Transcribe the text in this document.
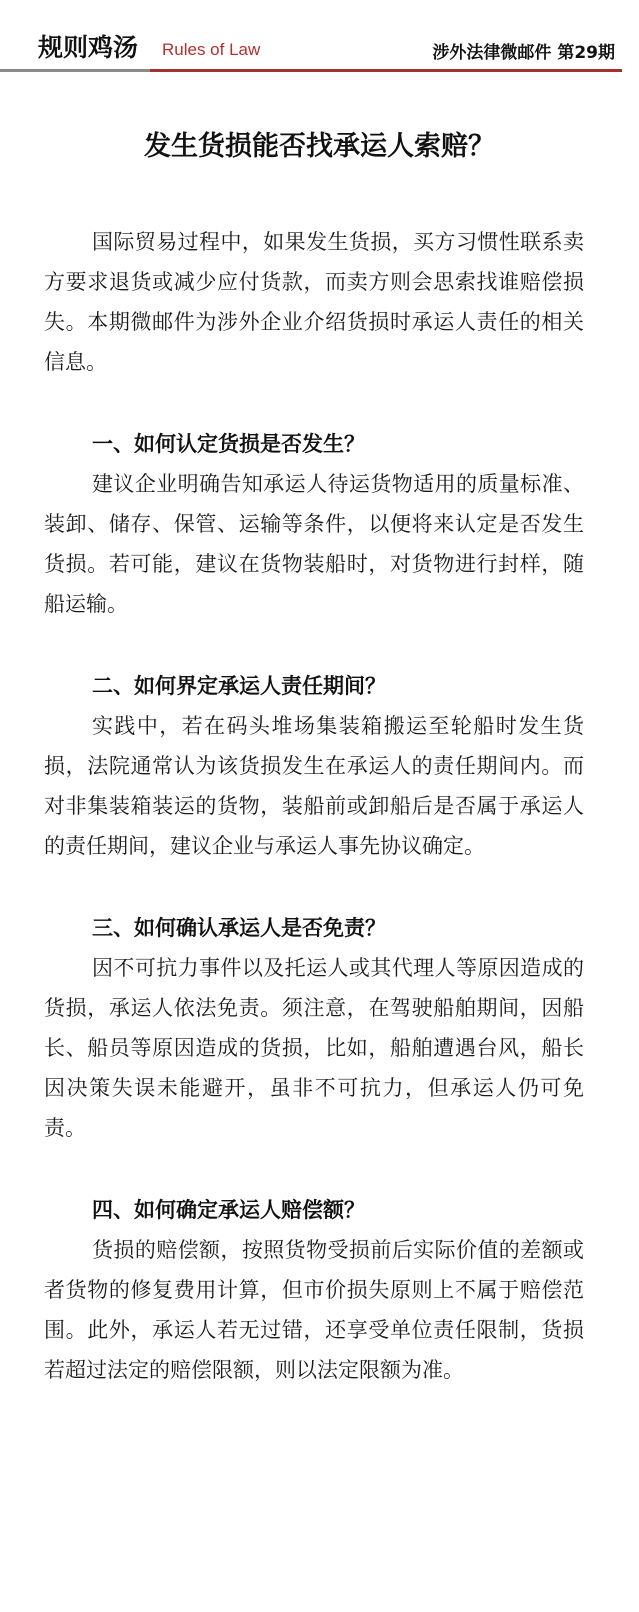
规则鸡汤 Rules of Law	涉外法律微邮件 第29期
发生货损能否找承运人索赔？

国际贸易过程中，如果发生货损，买方习惯性联系卖方要求退货或减少应付货款，而卖方则会思索找谁赔偿损失。本期微邮件为涉外企业介绍货损时承运人责任的相关信息。

一、如何认定货损是否发生？

建议企业明确告知承运人待运货物适用的质量标准、装卸、储存、保管、运输等条件，以便将来认定是否发生货损。若可能，建议在货物装船时，对货物进行封样，随船运输。

二、如何界定承运人责任期间？

实践中，若在码头堆场集装箱搬运至轮船时发生货损，法院通常认为该货损发生在承运人的责任期间内。而对非集装箱装运的货物，装船前或卸船后是否属于承运人的责任期间，建议企业与承运人事先协议确定。

三、如何确认承运人是否免责？

因不可抗力事件以及托运人或其代理人等原因造成的货损，承运人依法免责。须注意，在驾驶船舶期间，因船长、船员等原因造成的货损，比如，船舶遭遇台风，船长因决策失误未能避开，虽非不可抗力，但承运人仍可免责。

四、如何确定承运人赔偿额？

货损的赔偿额，按照货物受损前后实际价值的差额或者货物的修复费用计算，但市价损失原则上不属于赔偿范围。此外，承运人若无过错，还享受单位责任限制，货损若超过法定的赔偿限额，则以法定限额为准。
